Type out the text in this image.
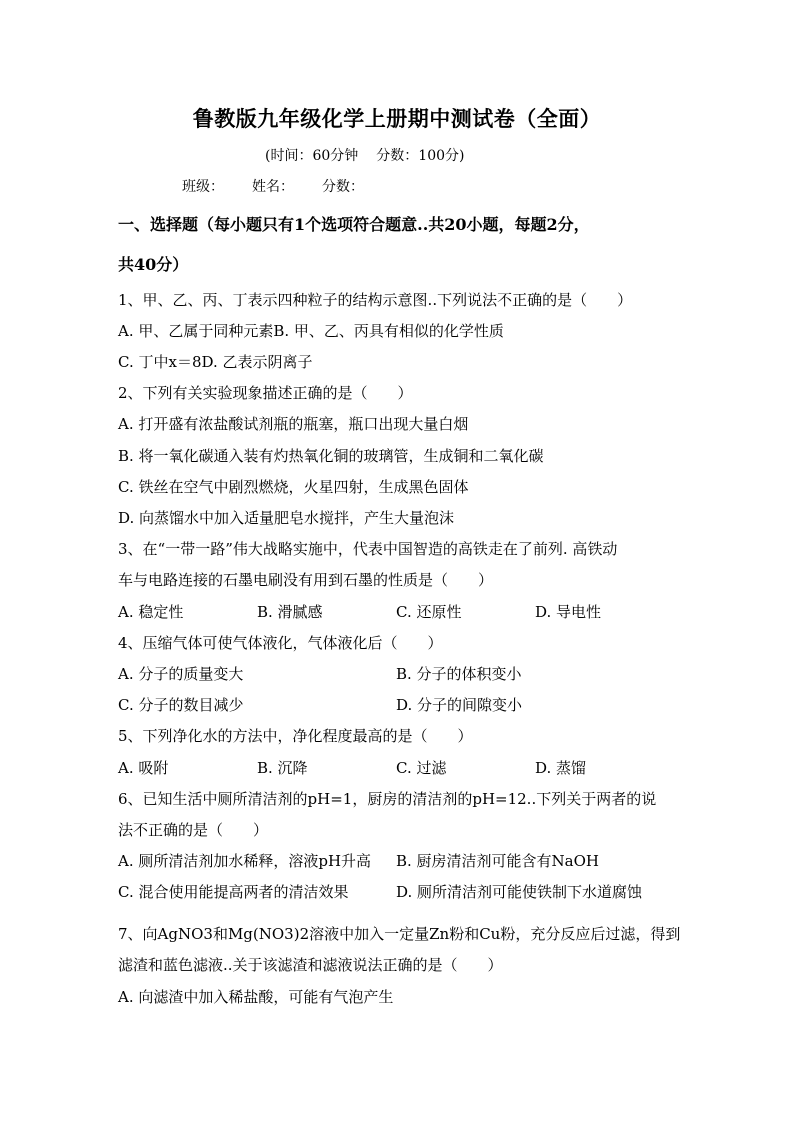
鲁教版九年级化学上册期中测试卷（全面）
(时间：60分钟 分数：100分)
班级： 姓名： 分数：
一、选择题（每小题只有1个选项符合题意..共20小题，每题2分，
共40分）
1、甲、乙、丙、丁表示四种粒子的结构示意图..下列说法不正确的是（　　）
A. 甲、乙属于同种元素B. 甲、乙、丙具有相似的化学性质
C. 丁中x＝8D. 乙表示阴离子
2、下列有关实验现象描述正确的是（　　）
A. 打开盛有浓盐酸试剂瓶的瓶塞，瓶口出现大量白烟
B. 将一氧化碳通入装有灼热氧化铜的玻璃管，生成铜和二氧化碳
C. 铁丝在空气中剧烈燃烧，火星四射，生成黑色固体
D. 向蒸馏水中加入适量肥皂水搅拌，产生大量泡沫
3、在“一带一路”伟大战略实施中，代表中国智造的高铁走在了前列. 高铁动
车与电路连接的石墨电刷没有用到石墨的性质是（　　）
A. 稳定性	B. 滑腻感	C. 还原性	D. 导电性
4、压缩气体可使气体液化，气体液化后（　　）
A. 分子的质量变大	B. 分子的体积变小
C. 分子的数目减少	D. 分子的间隙变小
5、下列净化水的方法中，净化程度最高的是（　　）
A. 吸附	B. 沉降	C. 过滤	D. 蒸馏
6、已知生活中厕所清洁剂的pH=1，厨房的清洁剂的pH=12..下列关于两者的说
法不正确的是（　　）
A. 厕所清洁剂加水稀释，溶液pH升高 B. 厨房清洁剂可能含有NaOH
C. 混合使用能提高两者的清洁效果	D. 厕所清洁剂可能使铁制下水道腐蚀
7、向AgNO3和Mg(NO3)2溶液中加入一定量Zn粉和Cu粉，充分反应后过滤，得到
滤渣和蓝色滤液..关于该滤渣和滤液说法正确的是（　　）
A. 向滤渣中加入稀盐酸，可能有气泡产生
